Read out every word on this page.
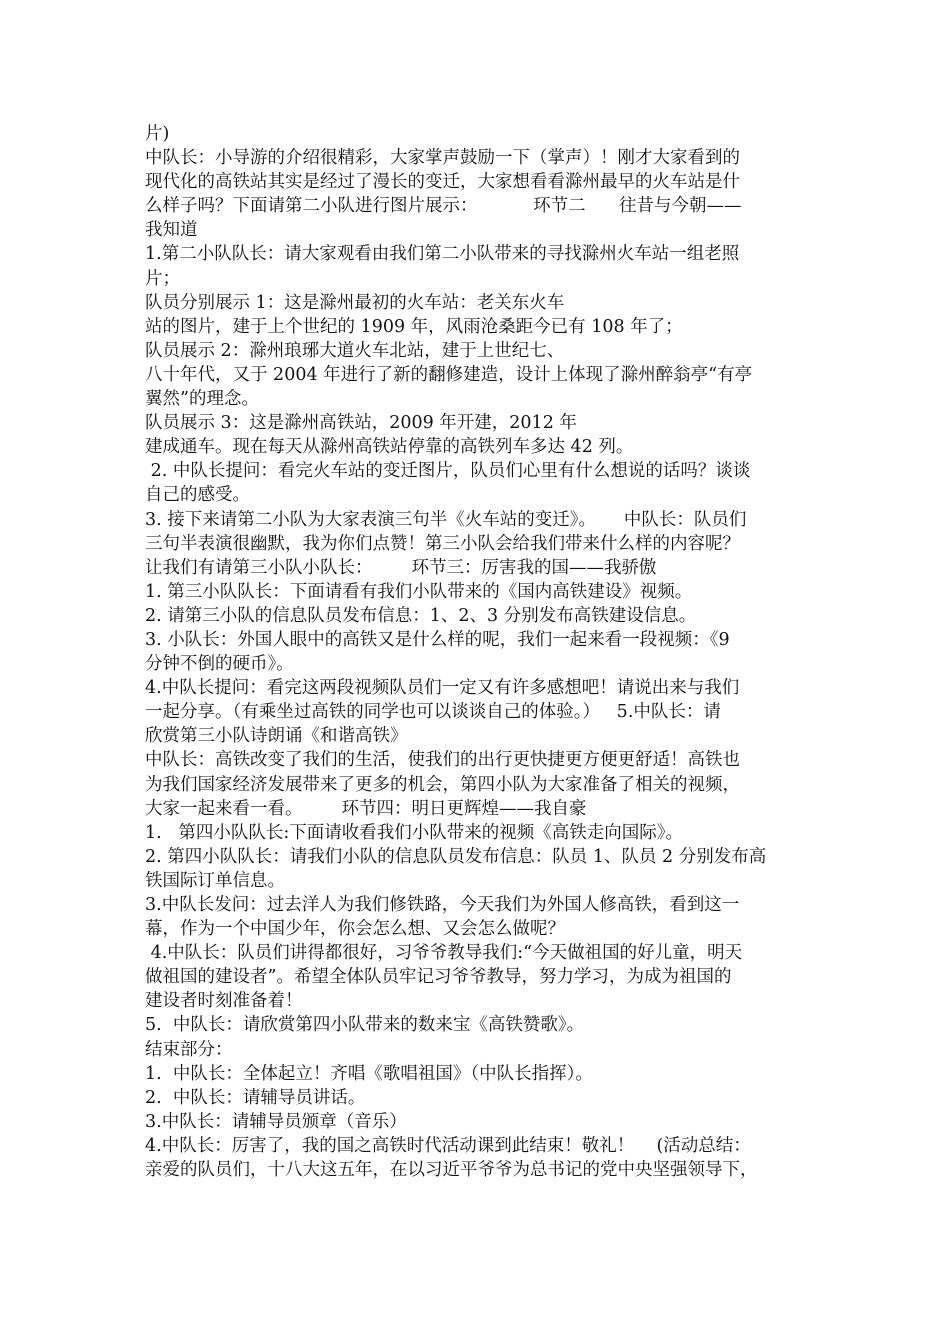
片)
中队长：小导游的介绍很精彩，大家掌声鼓励一下（掌声）！刚才大家看到的
现代化的高铁站其实是经过了漫长的变迁，大家想看看滁州最早的火车站是什
么样子吗？下面请第二小队进行图片展示：          环节二      往昔与今朝——
我知道
1.第二小队队长：请大家观看由我们第二小队带来的寻找滁州火车站一组老照
片；
队员分别展示 1：这是滁州最初的火车站：老关东火车
站的图片，建于上个世纪的 1909 年，风雨沧桑距今已有 108 年了；
队员展示 2：滁州琅琊大道火车北站，建于上世纪七、
八十年代，又于 2004 年进行了新的翻修建造，设计上体现了滁州醉翁亭“有亭
翼然”的理念。
队员展示 3：这是滁州高铁站，2009 年开建，2012 年
建成通车。现在每天从滁州高铁站停靠的高铁列车多达 42 列。
2. 中队长提问：看完火车站的变迁图片，队员们心里有什么想说的话吗？谈谈
自己的感受。
3. 接下来请第二小队为大家表演三句半《火车站的变迁》。     中队长：队员们
三句半表演很幽默，我为你们点赞！第三小队会给我们带来什么样的内容呢？
让我们有请第三小队小队长：       环节三：厉害我的国——我骄傲
1. 第三小队队长：下面请看有我们小队带来的《国内高铁建设》视频。
2. 请第三小队的信息队员发布信息：1、2、3 分别发布高铁建设信息。
3. 小队长：外国人眼中的高铁又是什么样的呢，我们一起来看一段视频：《9
分钟不倒的硬币》。
4.中队长提问：看完这两段视频队员们一定又有许多感想吧！请说出来与我们
一起分享。（有乘坐过高铁的同学也可以谈谈自己的体验。）   5.中队长：请
欣赏第三小队诗朗诵《和谐高铁》
中队长：高铁改变了我们的生活，使我们的出行更快捷更方便更舒适！高铁也
为我们国家经济发展带来了更多的机会，第四小队为大家准备了相关的视频，
大家一起来看一看。       环节四：明日更辉煌——我自豪
1.   第四小队队长:下面请收看我们小队带来的视频《高铁走向国际》。
2. 第四小队队长：请我们小队的信息队员发布信息：队员 1、队员 2 分别发布高
铁国际订单信息。
3.中队长发问：过去洋人为我们修铁路，今天我们为外国人修高铁，看到这一
幕，作为一个中国少年，你会怎么想、又会怎么做呢？
4.中队长：队员们讲得都很好，习爷爷教导我们:“今天做祖国的好儿童，明天
做祖国的建设者”。希望全体队员牢记习爷爷教导，努力学习，为成为祖国的
建设者时刻准备着！
5.  中队长：请欣赏第四小队带来的数来宝《高铁赞歌》。
结束部分：
1.  中队长：全体起立！齐唱《歌唱祖国》（中队长指挥）。
2.  中队长：请辅导员讲话。
3.中队长：请辅导员颁章（音乐）
4.中队长：厉害了，我的国之高铁时代活动课到此结束！敬礼！    (活动总结：
亲爱的队员们，十八大这五年，在以习近平爷爷为总书记的党中央坚强领导下，
